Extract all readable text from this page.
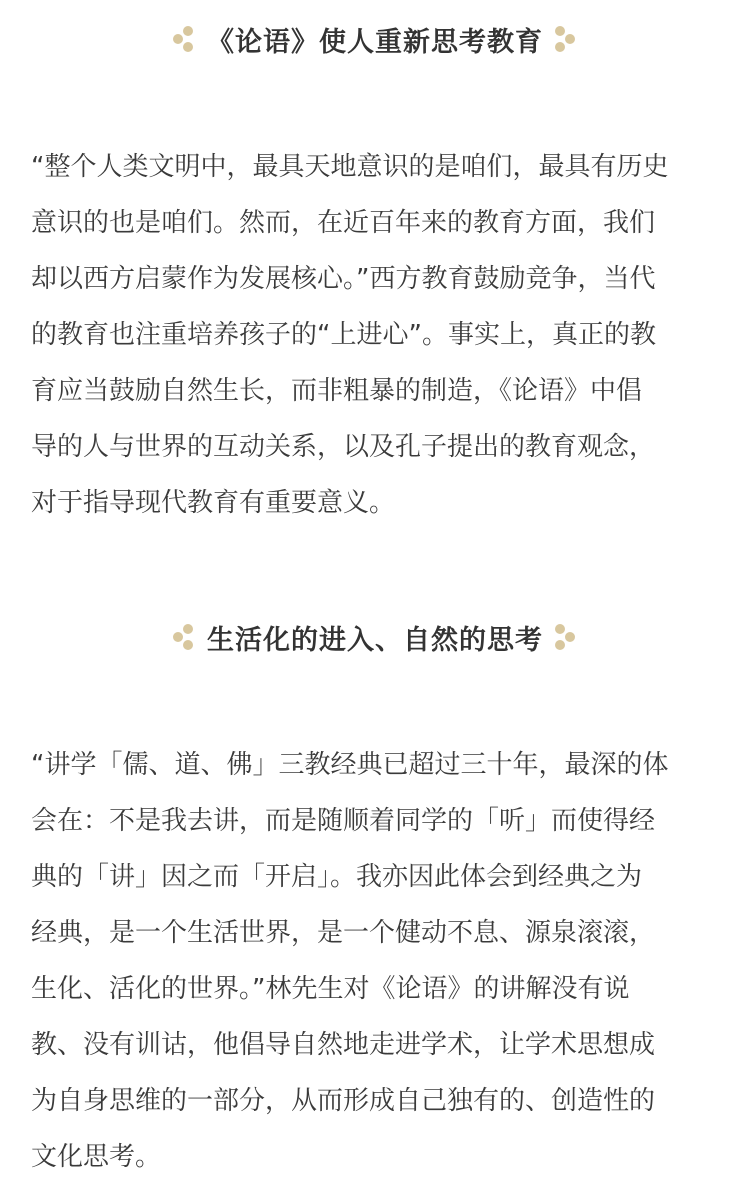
《论语》使人重新思考教育
“整个人类文明中，最具天地意识的是咱们，最具有历史
意识的也是咱们。然而，在近百年来的教育方面，我们
却以西方启蒙作为发展核心。”西方教育鼓励竞争，当代
的教育也注重培养孩子的“上进心”。事实上，真正的教
育应当鼓励自然生长，而非粗暴的制造，《论语》中倡
导的人与世界的互动关系，以及孔子提出的教育观念，
对于指导现代教育有重要意义。
生活化的进入、自然的思考
“讲学「儒、道、佛」三教经典已超过三十年，最深的体
会在：不是我去讲，而是随顺着同学的「听」而使得经
典的「讲」因之而「开启」。我亦因此体会到经典之为
经典，是一个生活世界，是一个健动不息、源泉滚滚，
生化、活化的世界。”林先生对《论语》的讲解没有说
教、没有训诂，他倡导自然地走进学术，让学术思想成
为自身思维的一部分，从而形成自己独有的、创造性的
文化思考。
